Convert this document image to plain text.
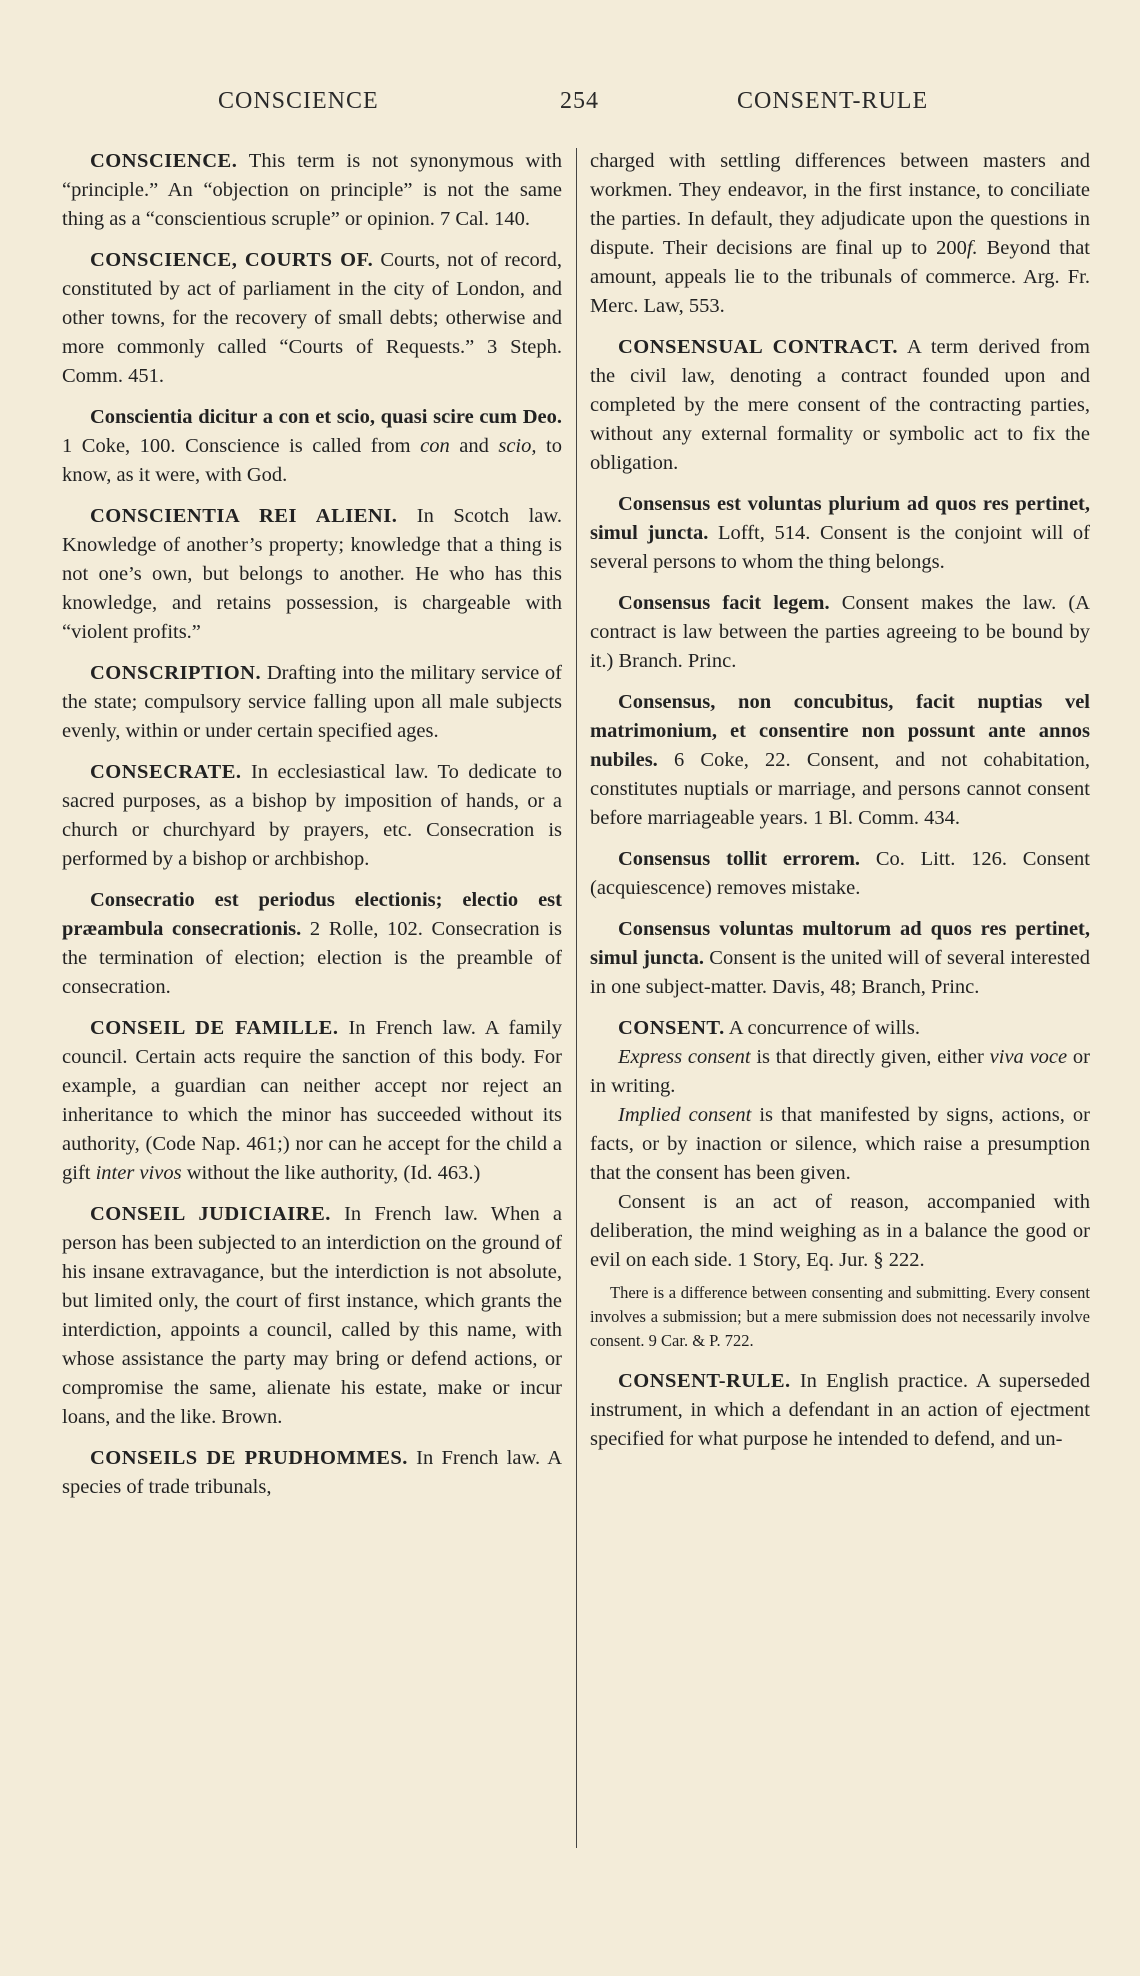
CONSCIENCE	254	CONSENT-RULE

CONSCIENCE. This term is not synonymous with “principle.” An “objection on principle” is not the same thing as a “conscientious scruple” or opinion. 7 Cal. 140.

CONSCIENCE, COURTS OF. Courts, not of record, constituted by act of parliament in the city of London, and other towns, for the recovery of small debts; otherwise and more commonly called “Courts of Requests.” 3 Steph. Comm. 451.

Conscientia dicitur a con et scio, quasi scire cum Deo. 1 Coke, 100. Conscience is called from con and scio, to know, as it were, with God.

CONSCIENTIA REI ALIENI. In Scotch law. Knowledge of another’s property; knowledge that a thing is not one’s own, but belongs to another. He who has this knowledge, and retains possession, is chargeable with “violent profits.”

CONSCRIPTION. Drafting into the military service of the state; compulsory service falling upon all male subjects evenly, within or under certain specified ages.

CONSECRATE. In ecclesiastical law. To dedicate to sacred purposes, as a bishop by imposition of hands, or a church or churchyard by prayers, etc. Consecration is performed by a bishop or archbishop.

Consecratio est periodus electionis; electio est præambula consecrationis. 2 Rolle, 102. Consecration is the termination of election; election is the preamble of consecration.

CONSEIL DE FAMILLE. In French law. A family council. Certain acts require the sanction of this body. For example, a guardian can neither accept nor reject an inheritance to which the minor has succeeded without its authority, (Code Nap. 461;) nor can he accept for the child a gift inter vivos without the like authority, (Id. 463.)

CONSEIL JUDICIAIRE. In French law. When a person has been subjected to an interdiction on the ground of his insane extravagance, but the interdiction is not absolute, but limited only, the court of first instance, which grants the interdiction, appoints a council, called by this name, with whose assistance the party may bring or defend actions, or compromise the same, alienate his estate, make or incur loans, and the like. Brown.

CONSEILS DE PRUDHOMMES. In French law. A species of trade tribunals,

charged with settling differences between masters and workmen. They endeavor, in the first instance, to conciliate the parties. In default, they adjudicate upon the questions in dispute. Their decisions are final up to 200f. Beyond that amount, appeals lie to the tribunals of commerce. Arg. Fr. Merc. Law, 553.

CONSENSUAL CONTRACT. A term derived from the civil law, denoting a contract founded upon and completed by the mere consent of the contracting parties, without any external formality or symbolic act to fix the obligation.

Consensus est voluntas plurium ad quos res pertinet, simul juncta. Lofft, 514. Consent is the conjoint will of several persons to whom the thing belongs.

Consensus facit legem. Consent makes the law. (A contract is law between the parties agreeing to be bound by it.) Branch. Princ.

Consensus, non concubitus, facit nuptias vel matrimonium, et consentire non possunt ante annos nubiles. 6 Coke, 22. Consent, and not cohabitation, constitutes nuptials or marriage, and persons cannot consent before marriageable years. 1 Bl. Comm. 434.

Consensus tollit errorem. Co. Litt. 126. Consent (acquiescence) removes mistake.

Consensus voluntas multorum ad quos res pertinet, simul juncta. Consent is the united will of several interested in one subject-matter. Davis, 48; Branch, Princ.

CONSENT. A concurrence of wills.

Express consent is that directly given, either viva voce or in writing.

Implied consent is that manifested by signs, actions, or facts, or by inaction or silence, which raise a presumption that the consent has been given.

Consent is an act of reason, accompanied with deliberation, the mind weighing as in a balance the good or evil on each side. 1 Story, Eq. Jur. § 222.

There is a difference between consenting and submitting. Every consent involves a submission; but a mere submission does not necessarily involve consent. 9 Car. & P. 722.

CONSENT-RULE. In English practice. A superseded instrument, in which a defendant in an action of ejectment specified for what purpose he intended to defend, and un-
